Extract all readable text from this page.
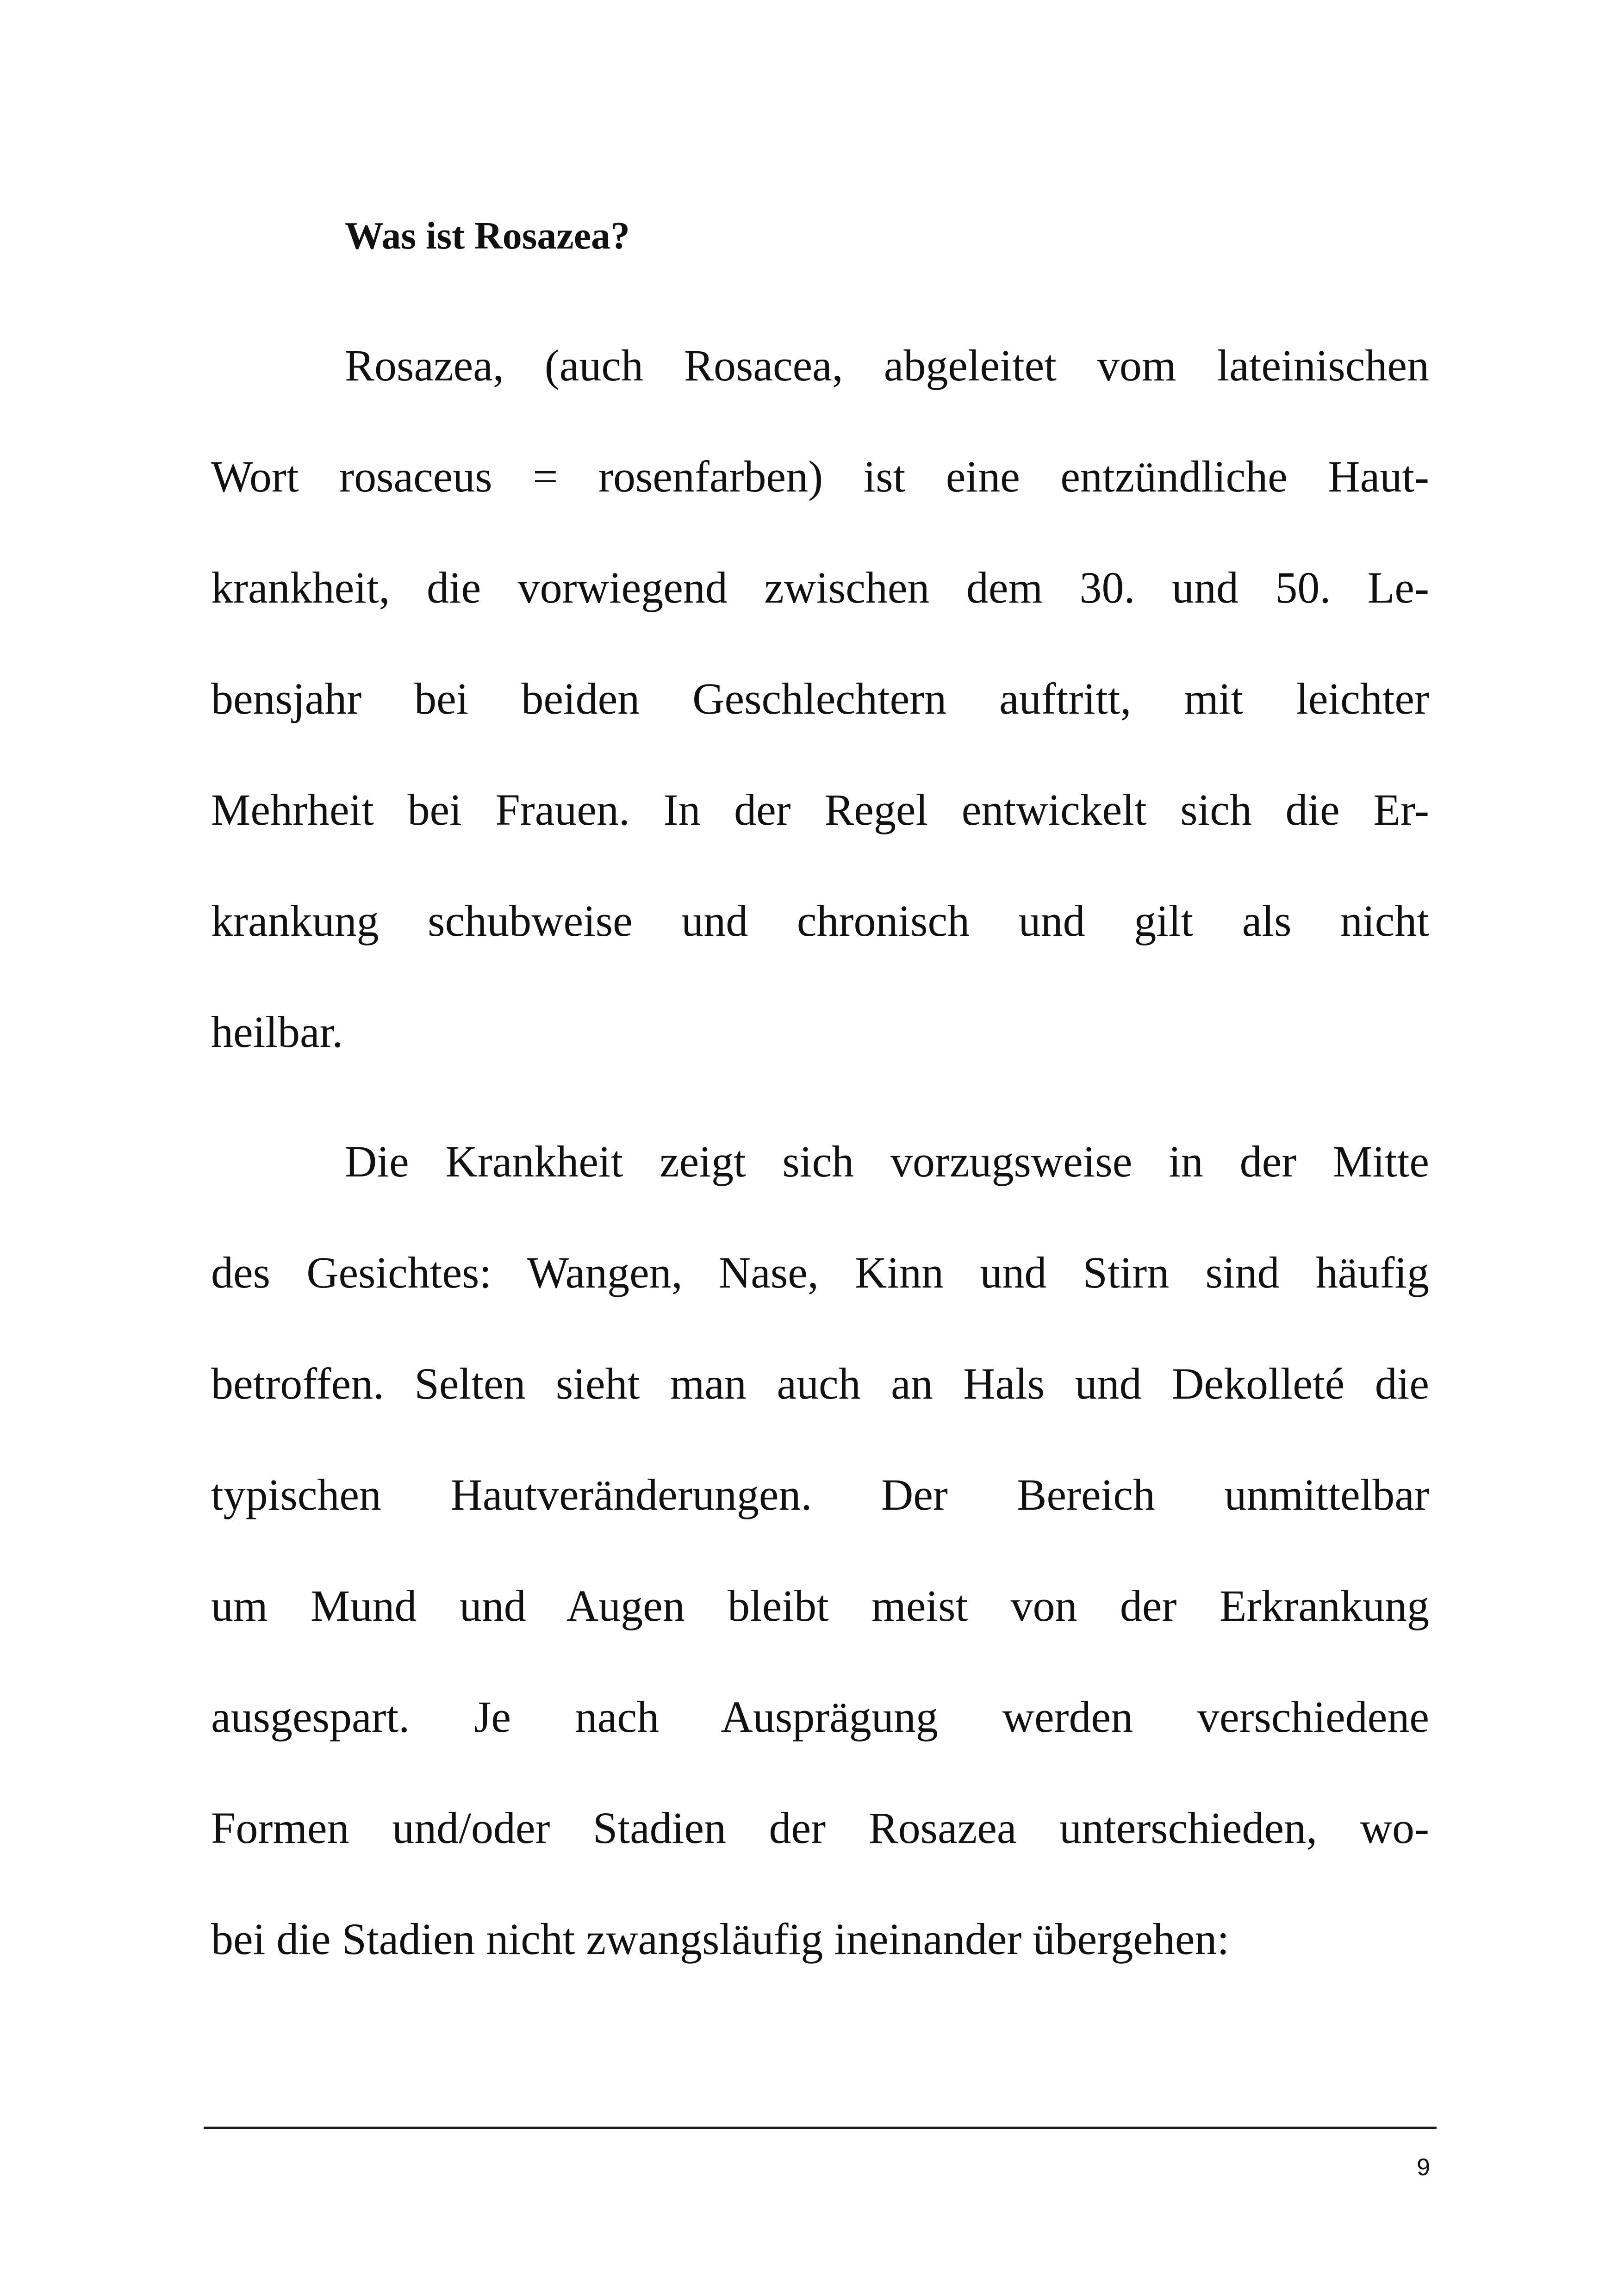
Was ist Rosazea?

Rosazea, (auch Rosacea, abgeleitet vom lateinischen

Wort rosaceus = rosenfarben) ist eine entzündliche Haut-

krankheit, die vorwiegend zwischen dem 30. und 50. Le-

bensjahr bei beiden Geschlechtern auftritt, mit leichter

Mehrheit bei Frauen. In der Regel entwickelt sich die Er-

krankung schubweise und chronisch und gilt als nicht

heilbar.

Die Krankheit zeigt sich vorzugsweise in der Mitte

des Gesichtes: Wangen, Nase, Kinn und Stirn sind häufig

betroffen. Selten sieht man auch an Hals und Dekolleté die

typischen Hautveränderungen. Der Bereich unmittelbar

um Mund und Augen bleibt meist von der Erkrankung

ausgespart. Je nach Ausprägung werden verschiedene

Formen und/oder Stadien der Rosazea unterschieden, wo-

bei die Stadien nicht zwangsläufig ineinander übergehen:

9
